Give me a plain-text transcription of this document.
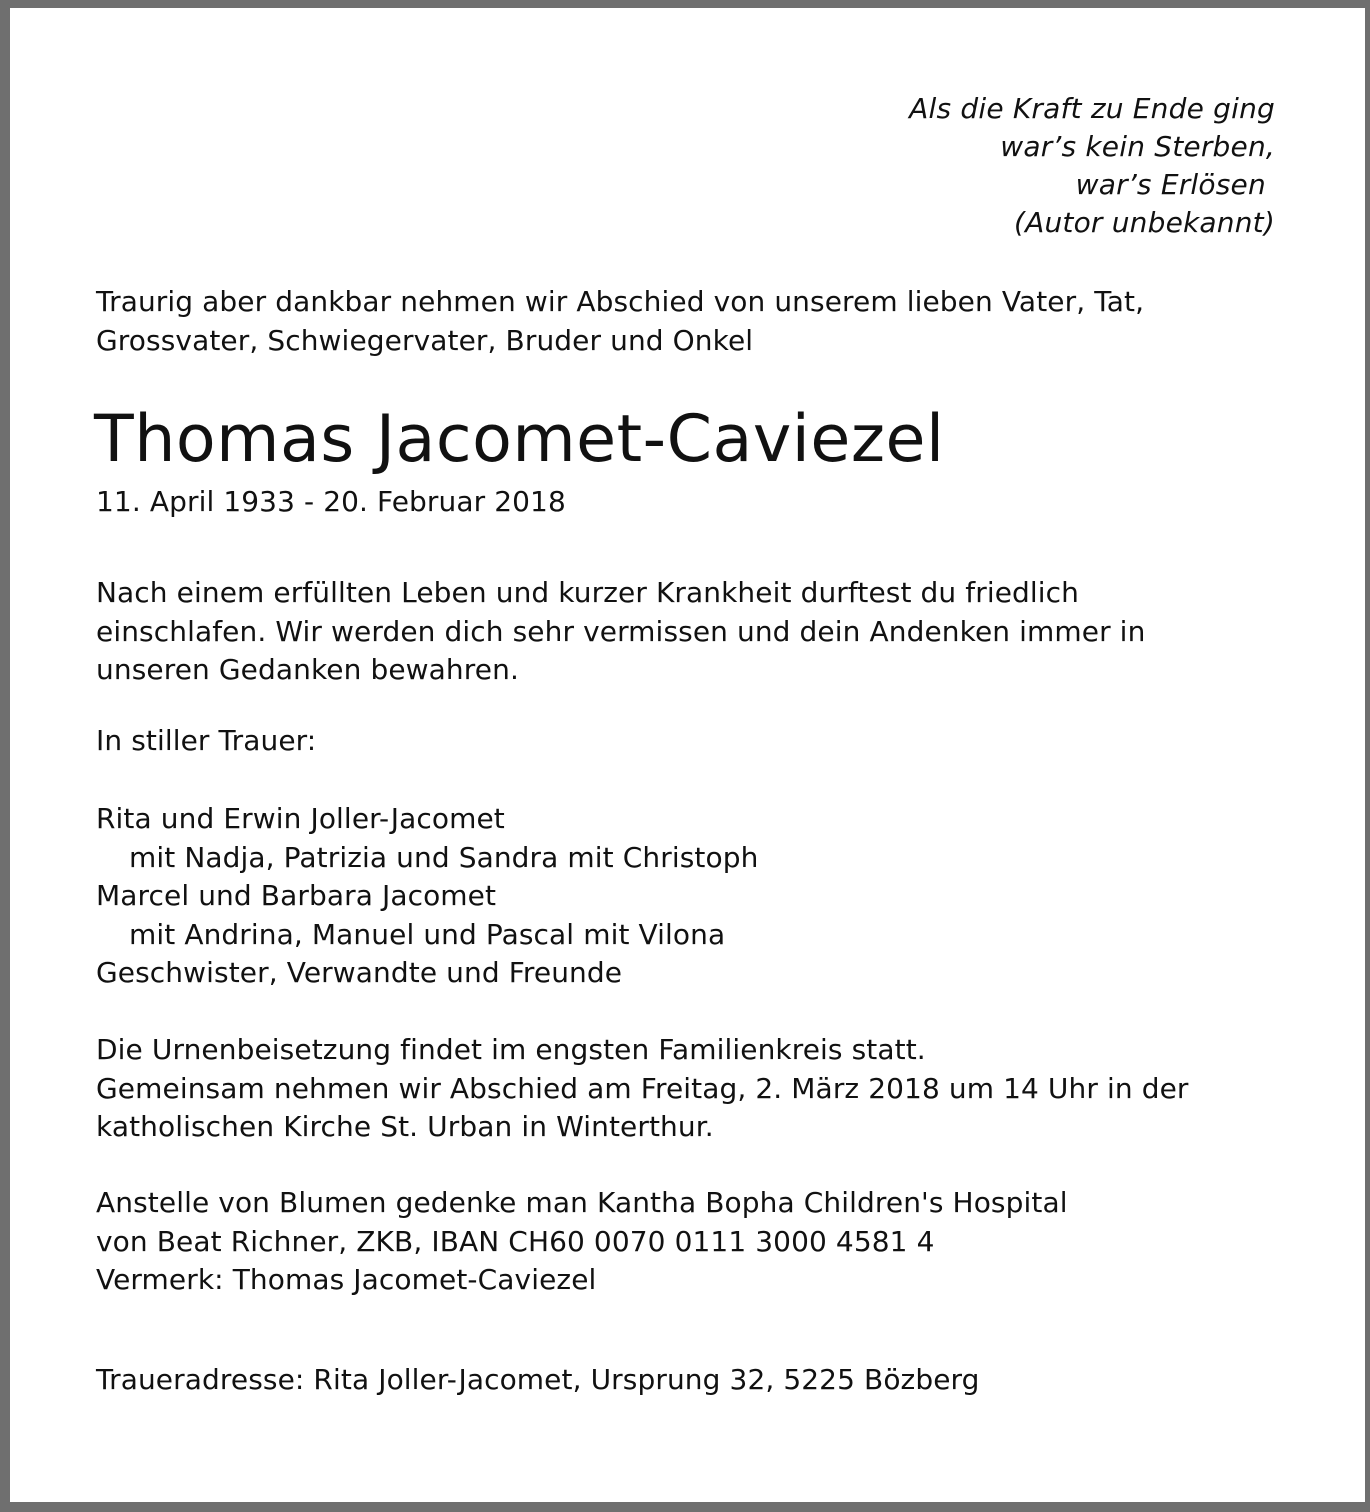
Als die Kraft zu Ende ging
war’s kein Sterben,
war’s Erlösen
(Autor unbekannt)
Traurig aber dankbar nehmen wir Abschied von unserem lieben Vater, Tat,
Grossvater, Schwiegervater, Bruder und Onkel
Thomas Jacomet-Caviezel
11. April 1933 - 20. Februar 2018
Nach einem erfüllten Leben und kurzer Krankheit durftest du friedlich
einschlafen. Wir werden dich sehr vermissen und dein Andenken immer in
unseren Gedanken bewahren.
In stiller Trauer:
Rita und Erwin Joller-Jacomet
mit Nadja, Patrizia und Sandra mit Christoph
Marcel und Barbara Jacomet
mit Andrina, Manuel und Pascal mit Vilona
Geschwister, Verwandte und Freunde
Die Urnenbeisetzung findet im engsten Familienkreis statt.
Gemeinsam nehmen wir Abschied am Freitag, 2. März 2018 um 14 Uhr in der
katholischen Kirche St. Urban in Winterthur.
Anstelle von Blumen gedenke man Kantha Bopha Children's Hospital
von Beat Richner, ZKB, IBAN CH60 0070 0111 3000 4581 4
Vermerk: Thomas Jacomet-Caviezel
Traueradresse: Rita Joller-Jacomet, Ursprung 32, 5225 Bözberg
